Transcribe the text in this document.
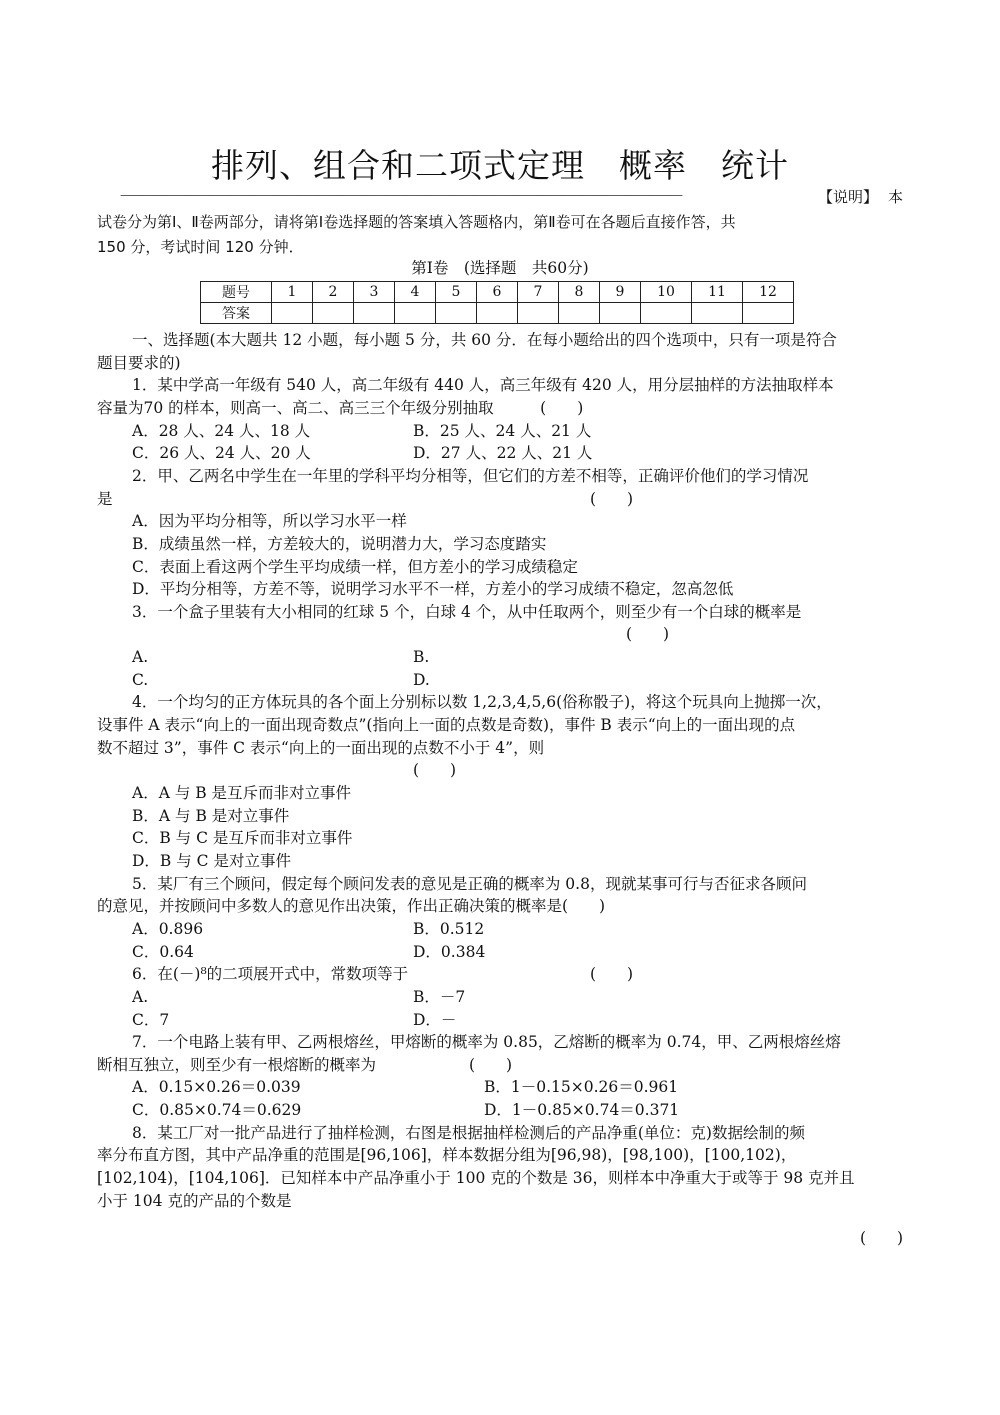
排列、组合和二项式定理　概率　统计
———————————————————————————————————————————————————	【说明】 本
试卷分为第Ⅰ、Ⅱ卷两部分，请将第Ⅰ卷选择题的答案填入答题格内，第Ⅱ卷可在各题后直接作答，共
150 分，考试时间 120 分钟．
第Ⅰ卷　(选择题　共60分)
题号	1	2	3	4	5	6	7	8	9	10	11	12
答案												
一、选择题(本大题共 12 小题，每小题 5 分，共 60 分．在每小题给出的四个选项中，只有一项是符合
题目要求的)
1．某中学高一年级有 540 人，高二年级有 440 人，高三年级有 420 人，用分层抽样的方法抽取样本
容量为70 的样本，则高一、高二、高三三个年级分别抽取　　　(　　)
A．28 人、24 人、18 人	B．25 人、24 人、21 人
C．26 人、24 人、20 人	D．27 人、22 人、21 人
2．甲、乙两名中学生在一年里的学科平均分相等，但它们的方差不相等，正确评价他们的学习情况
是	(　　)
A．因为平均分相等，所以学习水平一样
B．成绩虽然一样，方差较大的，说明潜力大，学习态度踏实
C．表面上看这两个学生平均成绩一样，但方差小的学习成绩稳定
D．平均分相等，方差不等，说明学习水平不一样，方差小的学习成绩不稳定，忽高忽低
3．一个盒子里装有大小相同的红球 5 个，白球 4 个，从中任取两个，则至少有一个白球的概率是
(　　)
A.	B.
C.	D.
4．一个均匀的正方体玩具的各个面上分别标以数 1,2,3,4,5,6(俗称骰子)，将这个玩具向上抛掷一次，
设事件 A 表示“向上的一面出现奇数点”(指向上一面的点数是奇数)，事件 B 表示“向上的一面出现的点
数不超过 3”，事件 C 表示“向上的一面出现的点数不小于 4”，则
(　　)
A．A 与 B 是互斥而非对立事件
B．A 与 B 是对立事件
C．B 与 C 是互斥而非对立事件
D．B 与 C 是对立事件
5．某厂有三个顾问，假定每个顾问发表的意见是正确的概率为 0.8，现就某事可行与否征求各顾问
的意见，并按顾问中多数人的意见作出决策，作出正确决策的概率是(　　)
A．0.896	B．0.512
C．0.64	D．0.384
6．在(－)⁸的二项展开式中，常数项等于	(　　)
A.	B．－7
C．7	D．－
7．一个电路上装有甲、乙两根熔丝，甲熔断的概率为 0.85，乙熔断的概率为 0.74，甲、乙两根熔丝熔
断相互独立，则至少有一根熔断的概率为　　　　　　(　　)
A．0.15×0.26＝0.039	B．1－0.15×0.26＝0.961
C．0.85×0.74＝0.629	D．1－0.85×0.74＝0.371
8．某工厂对一批产品进行了抽样检测，右图是根据抽样检测后的产品净重(单位：克)数据绘制的频
率分布直方图，其中产品净重的范围是[96,106]，样本数据分组为[96,98)，[98,100)，[100,102)，
[102,104)，[104,106]．已知样本中产品净重小于 100 克的个数是 36，则样本中净重大于或等于 98 克并且
小于 104 克的产品的个数是
(　　)
